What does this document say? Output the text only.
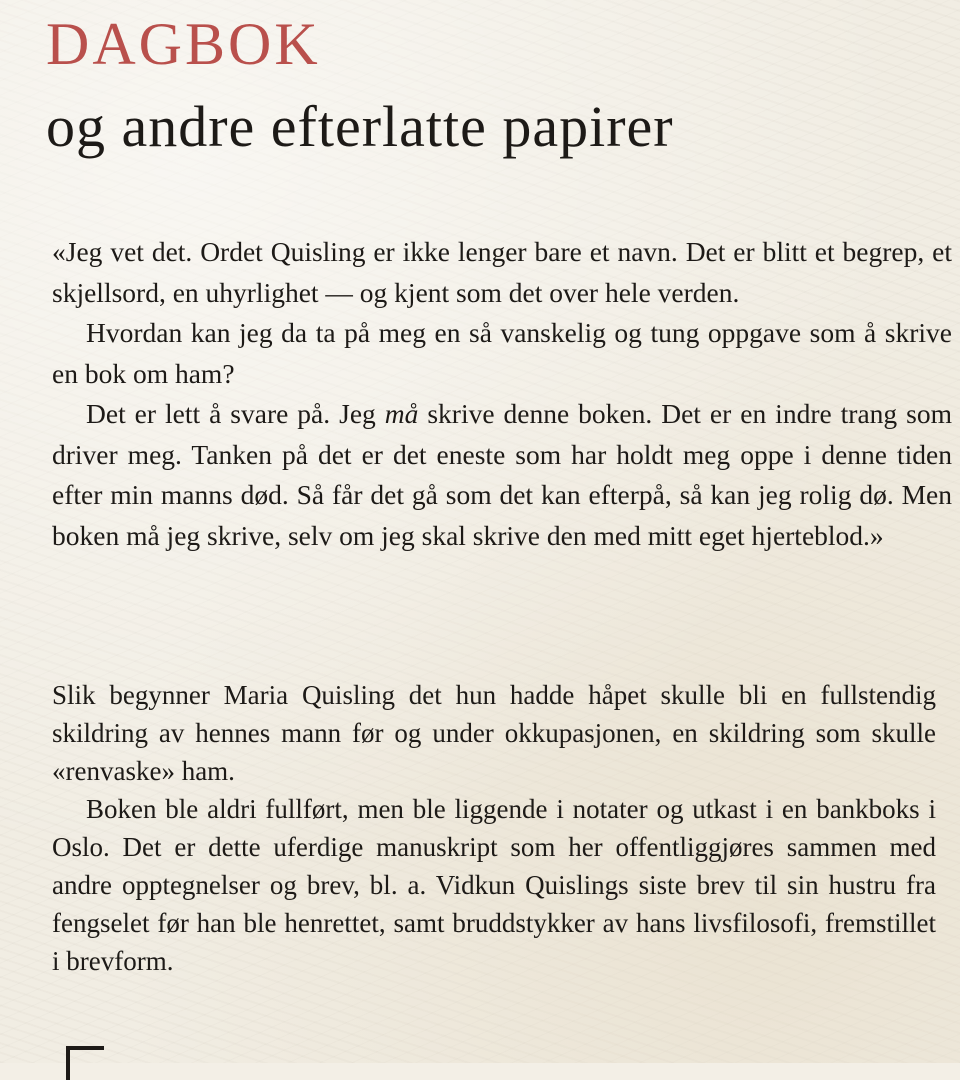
DAGBOK
og andre efterlatte papirer

«Jeg vet det. Ordet Quisling er ikke lenger bare et navn. Det er blitt et begrep, et skjellsord, en uhyrlighet — og kjent som det over hele verden.

Hvordan kan jeg da ta på meg en så vanskelig og tung oppgave som å skrive en bok om ham?

Det er lett å svare på. Jeg må skrive denne boken. Det er en indre trang som driver meg. Tanken på det er det eneste som har holdt meg oppe i denne tiden efter min manns død. Så får det gå som det kan efterpå, så kan jeg rolig dø. Men boken må jeg skrive, selv om jeg skal skrive den med mitt eget hjerteblod.»

Slik begynner Maria Quisling det hun hadde håpet skulle bli en fullstendig skildring av hennes mann før og under okkupasjonen, en skildring som skulle «renvaske» ham.

Boken ble aldri fullført, men ble liggende i notater og utkast i en bankboks i Oslo. Det er dette uferdige manuskript som her offentliggjøres sammen med andre opptegnelser og brev, bl. a. Vidkun Quislings siste brev til sin hustru fra fengselet før han ble henrettet, samt bruddstykker av hans livsfilosofi, fremstillet i brevform.
